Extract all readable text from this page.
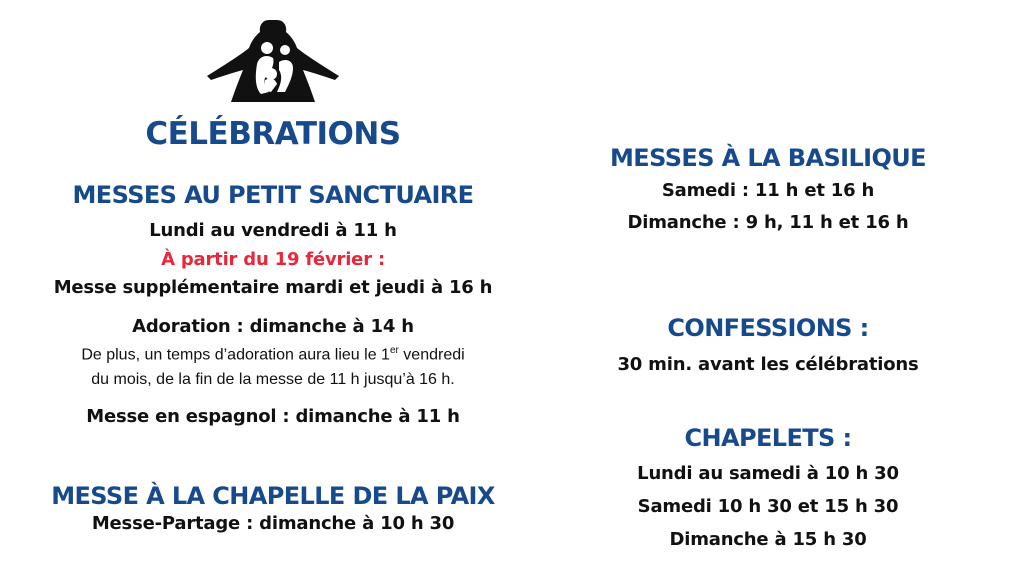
CÉLÉBRATIONS
MESSES AU PETIT SANCTUAIRE
Lundi au vendredi à 11 h
À partir du 19 février :
Messe supplémentaire mardi et jeudi à 16 h
Adoration : dimanche à 14 h
De plus, un temps d’adoration aura lieu le 1er vendredi
du mois, de la fin de la messe de 11 h jusqu’à 16 h.
Messe en espagnol : dimanche à 11 h
MESSE À LA CHAPELLE DE LA PAIX
Messe-Partage : dimanche à 10 h 30
MESSES À LA BASILIQUE
Samedi : 11 h et 16 h
Dimanche : 9 h, 11 h et 16 h
CONFESSIONS :
30 min. avant les célébrations
CHAPELETS :
Lundi au samedi à 10 h 30
Samedi 10 h 30 et 15 h 30
Dimanche à 15 h 30
